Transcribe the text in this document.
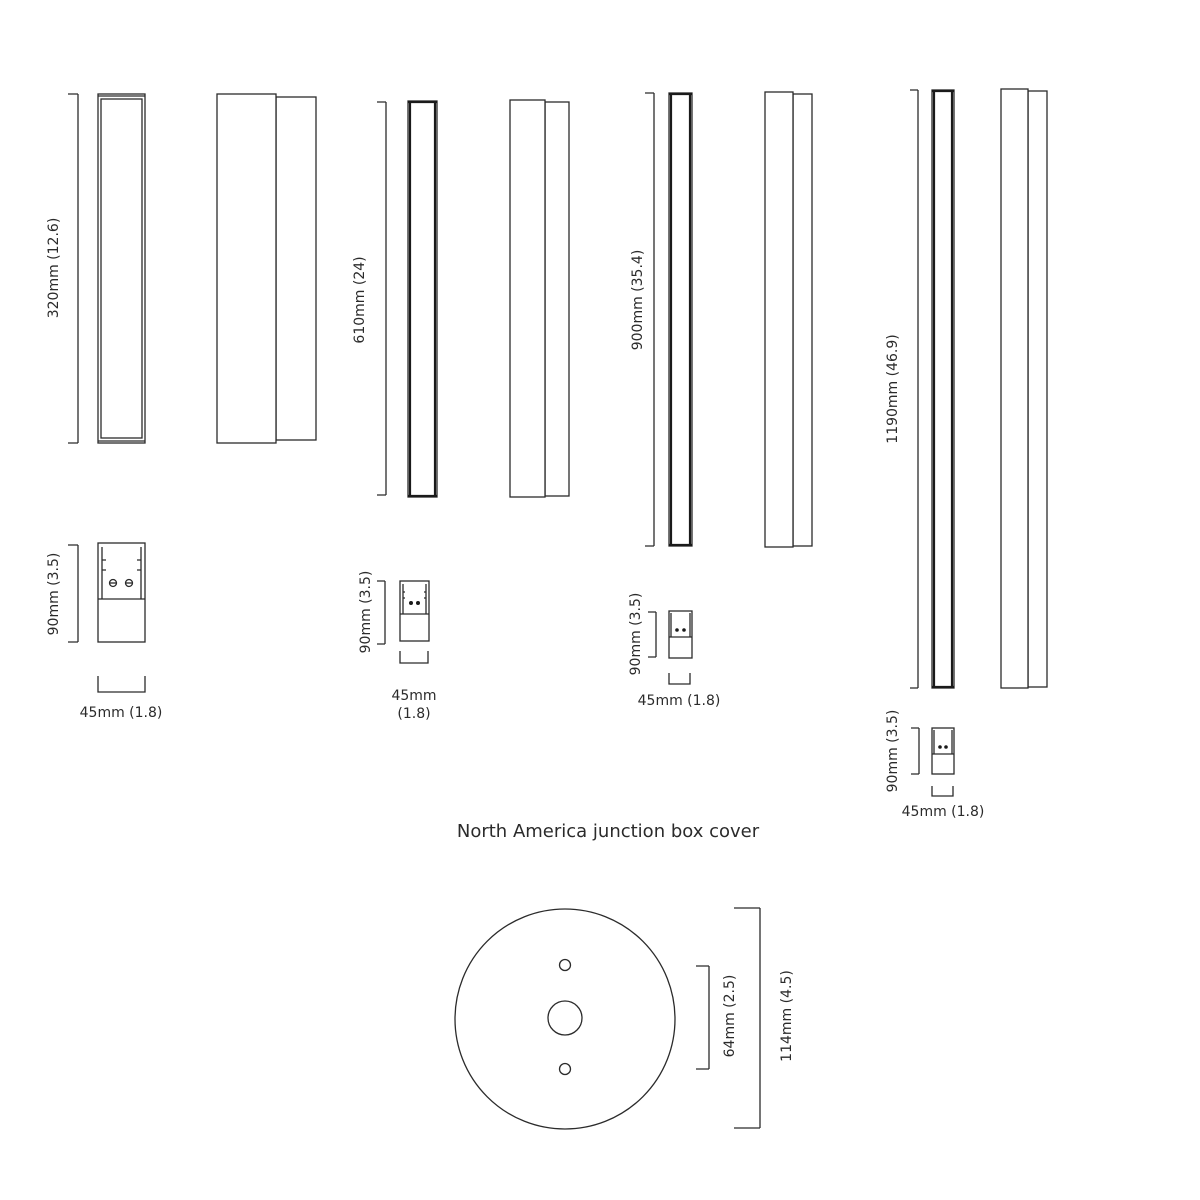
320mm (12.6)
90mm (3.5)
45mm (1.8)
610mm (24)
90mm (3.5)
45mm
(1.8)
900mm (35.4)
90mm (3.5)
45mm (1.8)
1190mm (46.9)
90mm (3.5)
45mm (1.8)
North America junction box cover
64mm (2.5)	114mm (4.5)
